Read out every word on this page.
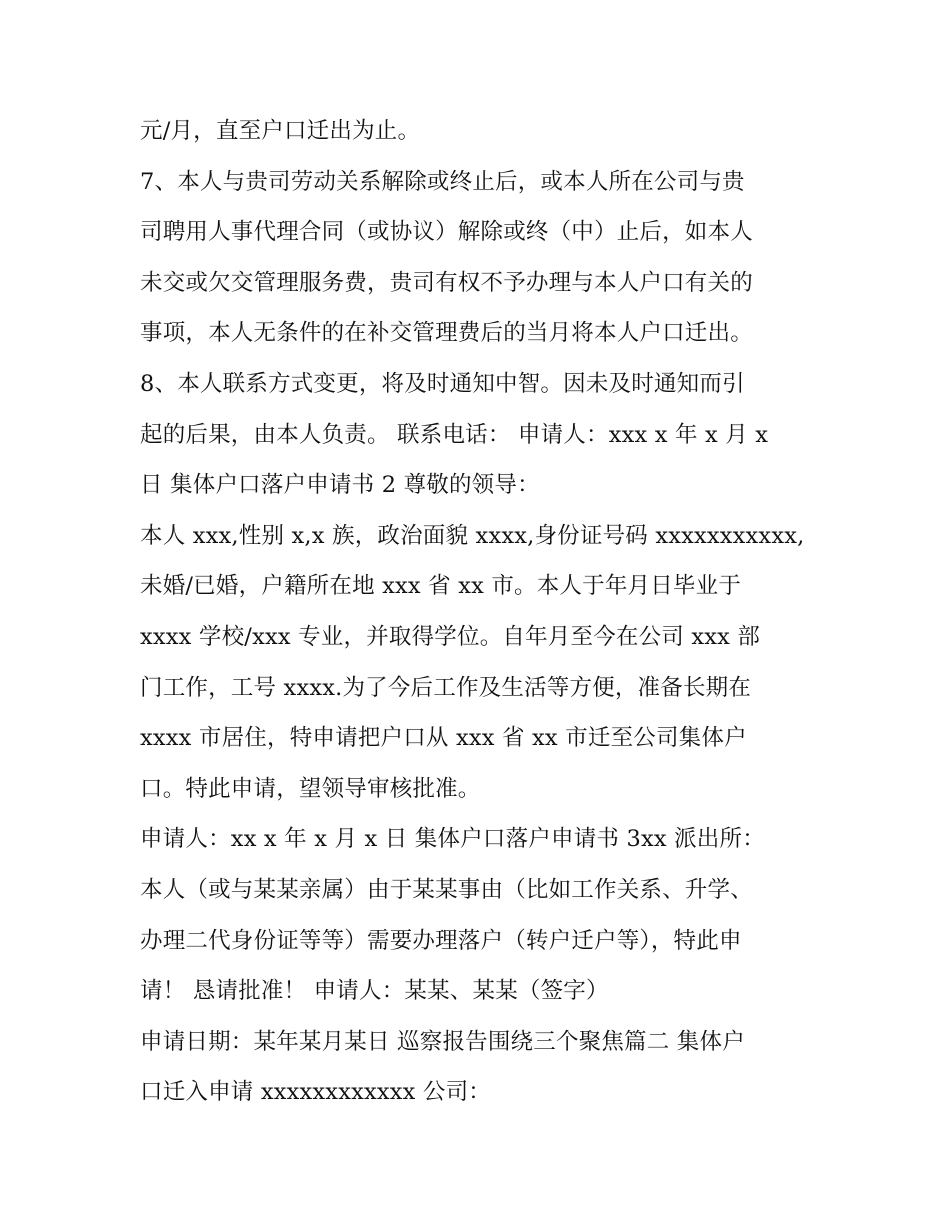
元/月，直至户口迁出为止。
7、本人与贵司劳动关系解除或终止后，或本人所在公司与贵
司聘用人事代理合同（或协议）解除或终（中）止后，如本人
未交或欠交管理服务费，贵司有权不予办理与本人户口有关的
事项，本人无条件的在补交管理费后的当月将本人户口迁出。
8、本人联系方式变更，将及时通知中智。因未及时通知而引
起的后果，由本人负责。 联系电话： 申请人：xxx x 年 x 月 x
日 集体户口落户申请书 2 尊敬的领导：
本人 xxx,性别 x,x 族，政治面貌 xxxx,身份证号码 xxxxxxxxxxx,
未婚/已婚，户籍所在地 xxx 省 xx 市。本人于年月日毕业于
xxxx 学校/xxx 专业，并取得学位。自年月至今在公司 xxx 部
门工作，工号 xxxx.为了今后工作及生活等方便，准备长期在
xxxx 市居住，特申请把户口从 xxx 省 xx 市迁至公司集体户
口。特此申请，望领导审核批准。
申请人：xx x 年 x 月 x 日 集体户口落户申请书 3xx 派出所：
本人（或与某某亲属）由于某某事由（比如工作关系、升学、
办理二代身份证等等）需要办理落户（转户迁户等），特此申
请！ 恳请批准！ 申请人：某某、某某（签字）
申请日期：某年某月某日 巡察报告围绕三个聚焦篇二 集体户
口迁入申请 xxxxxxxxxxxx 公司：
